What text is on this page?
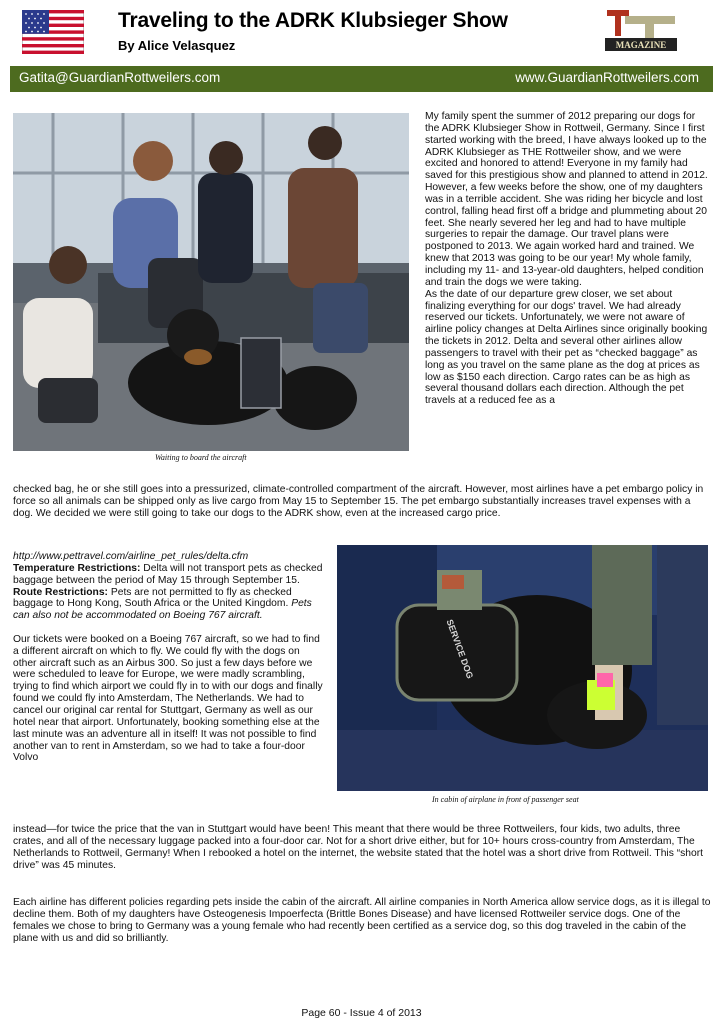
Traveling to the ADRK Klubsieger Show
By Alice Velasquez	MAGAZINE
Gatita@GuardianRottweilers.com	www.GuardianRottweilers.com
Waiting to board the aircraft

My family spent the summer of 2012 preparing our dogs for the ADRK Klubsieger Show in Rottweil, Germany. Since I first started working with the breed, I have always looked up to the ADRK Klubsieger as THE Rottweiler show, and we were excited and honored to attend! Everyone in my family had saved for this prestigious show and planned to attend in 2012. However, a few weeks before the show, one of my daughters was in a terrible accident. She was riding her bicycle and lost control, falling head first off a bridge and plummeting about 20 feet. She nearly severed her leg and had to have multiple surgeries to repair the damage. Our travel plans were postponed to 2013. We again worked hard and trained. We knew that 2013 was going to be our year! My whole family, including my 11- and 13-year-old daughters, helped condition and train the dogs we were taking.

As the date of our departure grew closer, we set about finalizing everything for our dogs' travel. We had already reserved our tickets. Unfortunately, we were not aware of airline policy changes at Delta Airlines since originally booking the tickets in 2012. Delta and several other airlines allow passengers to travel with their pet as “checked baggage” as long as you travel on the same plane as the dog at prices as low as $150 each direction. Cargo rates can be as high as several thousand dollars each direction. Although the pet travels at a reduced fee as a

checked bag, he or she still goes into a pressurized, climate-controlled compartment of the aircraft. However, most airlines have a pet embargo policy in force so all animals can be shipped only as live cargo from May 15 to September 15. The pet embargo substantially increases travel expenses with a dog. We decided we were still going to take our dogs to the ADRK show, even at the increased cargo price.

http://www.pettravel.com/airline_pet_rules/delta.cfm

Temperature Restrictions: Delta will not transport pets as checked baggage between the period of May 15 through September 15.

Route Restrictions: Pets are not permitted to fly as checked baggage to Hong Kong, South Africa or the United Kingdom. Pets can also not be accommodated on Boeing 767 aircraft.

Our tickets were booked on a Boeing 767 aircraft, so we had to find a different aircraft on which to fly. We could fly with the dogs on other aircraft such as an Airbus 300. So just a few days before we were scheduled to leave for Europe, we were madly scrambling, trying to find which airport we could fly in to with our dogs and finally found we could fly into Amsterdam, The Netherlands. We had to cancel our original car rental for Stuttgart, Germany as well as our hotel near that airport. Unfortunately, booking something else at the last minute was an adventure all in itself! It was not possible to find another van to rent in Amsterdam, so we had to take a four-door Volvo

SERVICE DOG
In cabin of airplane in front of passenger seat

instead—for twice the price that the van in Stuttgart would have been! This meant that there would be three Rottweilers, four kids, two adults, three crates, and all of the necessary luggage packed into a four-door car. Not for a short drive either, but for 10+ hours cross-country from Amsterdam, The Netherlands to Rottweil, Germany! When I rebooked a hotel on the internet, the website stated that the hotel was a short drive from Rottweil. This “short drive” was 45 minutes.

Each airline has different policies regarding pets inside the cabin of the aircraft. All airline companies in North America allow service dogs, as it is illegal to decline them. Both of my daughters have Osteogenesis Impoerfecta (Brittle Bones Disease) and have licensed Rottweiler service dogs. One of the females we chose to bring to Germany was a young female who had recently been certified as a service dog, so this dog traveled in the cabin of the plane with us and did so brilliantly.

Page 60 - Issue 4 of 2013
